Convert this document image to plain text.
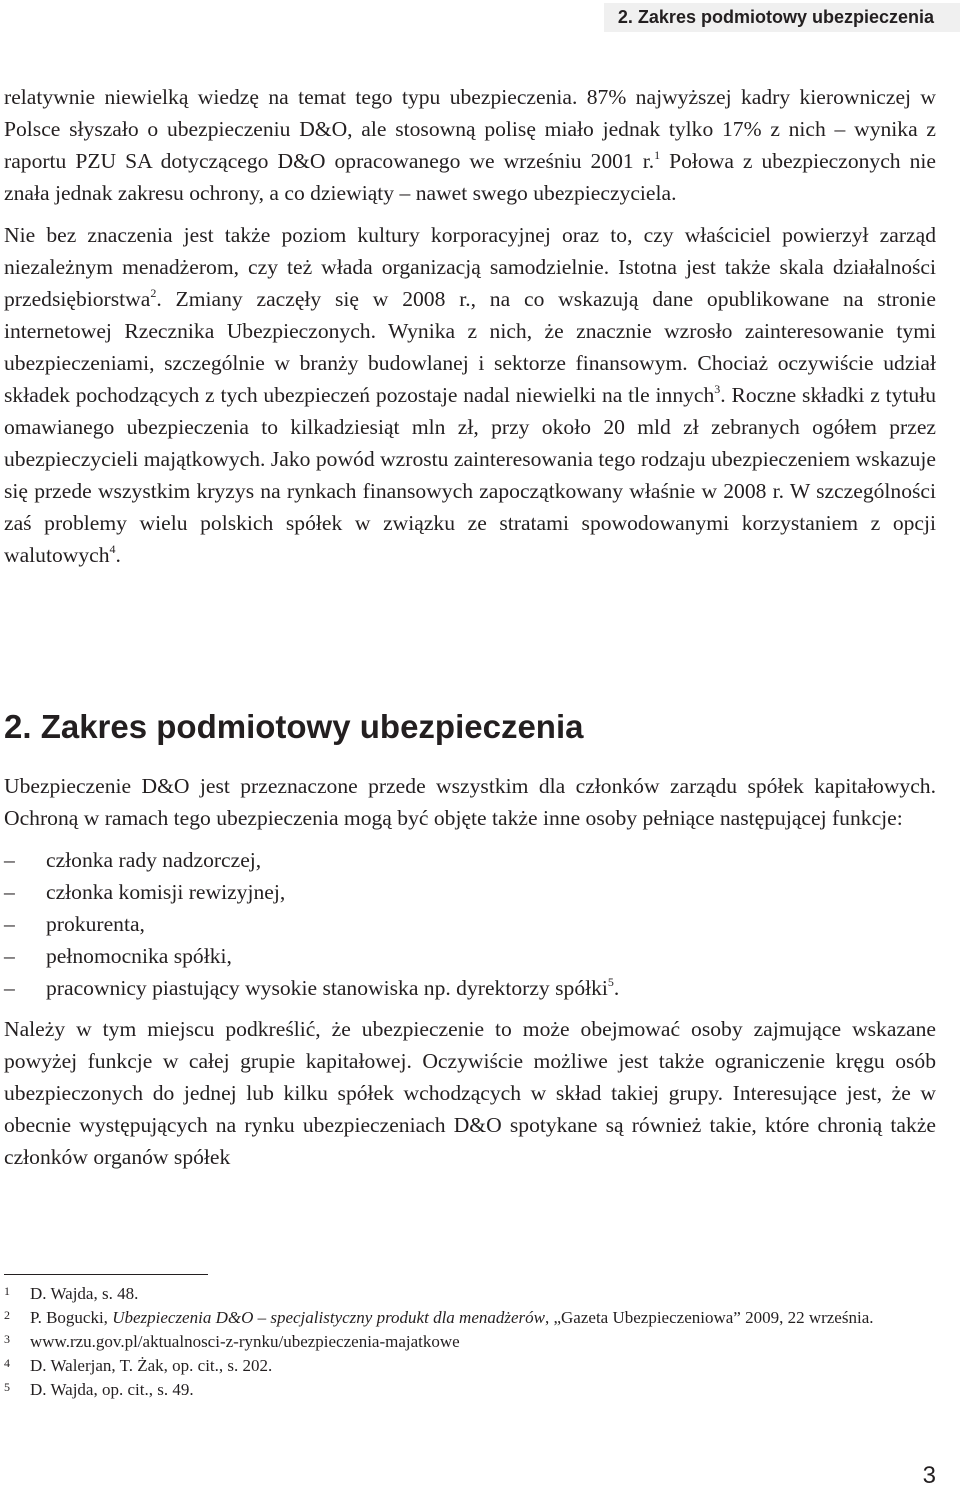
2. Zakres podmiotowy ubezpieczenia

relatywnie niewielką wiedzę na temat tego typu ubezpieczenia. 87% najwyższej kadry kierowniczej w Polsce słyszało o ubezpieczeniu D&O, ale stosowną polisę miało jednak tylko 17% z nich – wynika z raportu PZU SA dotyczącego D&O opracowanego we wrześniu 2001 r.$^1$ Połowa z ubezpieczonych nie znała jednak zakresu ochrony, a co dziewiąty – nawet swego ubezpieczyciela.

Nie bez znaczenia jest także poziom kultury korporacyjnej oraz to, czy właściciel powierzył zarząd niezależnym menadżerom, czy też włada organizacją samodzielnie. Istotna jest także skala działalności przedsiębiorstwa$^2$. Zmiany zaczęły się w 2008 r., na co wskazują dane opublikowane na stronie internetowej Rzecznika Ubezpieczonych. Wynika z nich, że znacznie wzrosło zainteresowanie tymi ubezpieczeniami, szczególnie w branży budowlanej i sektorze finansowym. Chociaż oczywiście udział składek pochodzących z tych ubezpieczeń pozostaje nadal niewielki na tle innych$^3$. Roczne składki z tytułu omawianego ubezpieczenia to kilkadziesiąt mln zł, przy około 20 mld zł zebranych ogółem przez ubezpieczycieli majątkowych. Jako powód wzrostu zainteresowania tego rodzaju ubezpieczeniem wskazuje się przede wszystkim kryzys na rynkach finansowych zapoczątkowany właśnie w 2008 r. W szczególności zaś problemy wielu polskich spółek w związku ze stratami spowodowanymi korzystaniem z opcji walutowych$^4$.

2. Zakres podmiotowy ubezpieczenia

Ubezpieczenie D&O jest przeznaczone przede wszystkim dla członków zarządu spółek kapitałowych. Ochroną w ramach tego ubezpieczenia mogą być objęte także inne osoby pełniące następującej funkcje:

– członka rady nadzorczej,
– członka komisji rewizyjnej,
– prokurenta,
– pełnomocnika spółki,
– pracownicy piastujący wysokie stanowiska np. dyrektorzy spółki$^5$.

Należy w tym miejscu podkreślić, że ubezpieczenie to może obejmować osoby zajmujące wskazane powyżej funkcje w całej grupie kapitałowej. Oczywiście możliwe jest także ograniczenie kręgu osób ubezpieczonych do jednej lub kilku spółek wchodzących w skład takiej grupy. Interesujące jest, że w obecnie występujących na rynku ubezpieczeniach D&O spotykane są również takie, które chronią także członków organów spółek

1 D. Wajda, s. 48.
2 P. Bogucki, Ubezpieczenia D&O – specjalistyczny produkt dla menadżerów, „Gazeta Ubezpieczeniowa” 2009, 22 września.
3 www.rzu.gov.pl/aktualnosci-z-rynku/ubezpieczenia-majatkowe
4 D. Walerjan, T. Żak, op. cit., s. 202.
5 D. Wajda, op. cit., s. 49.
3
